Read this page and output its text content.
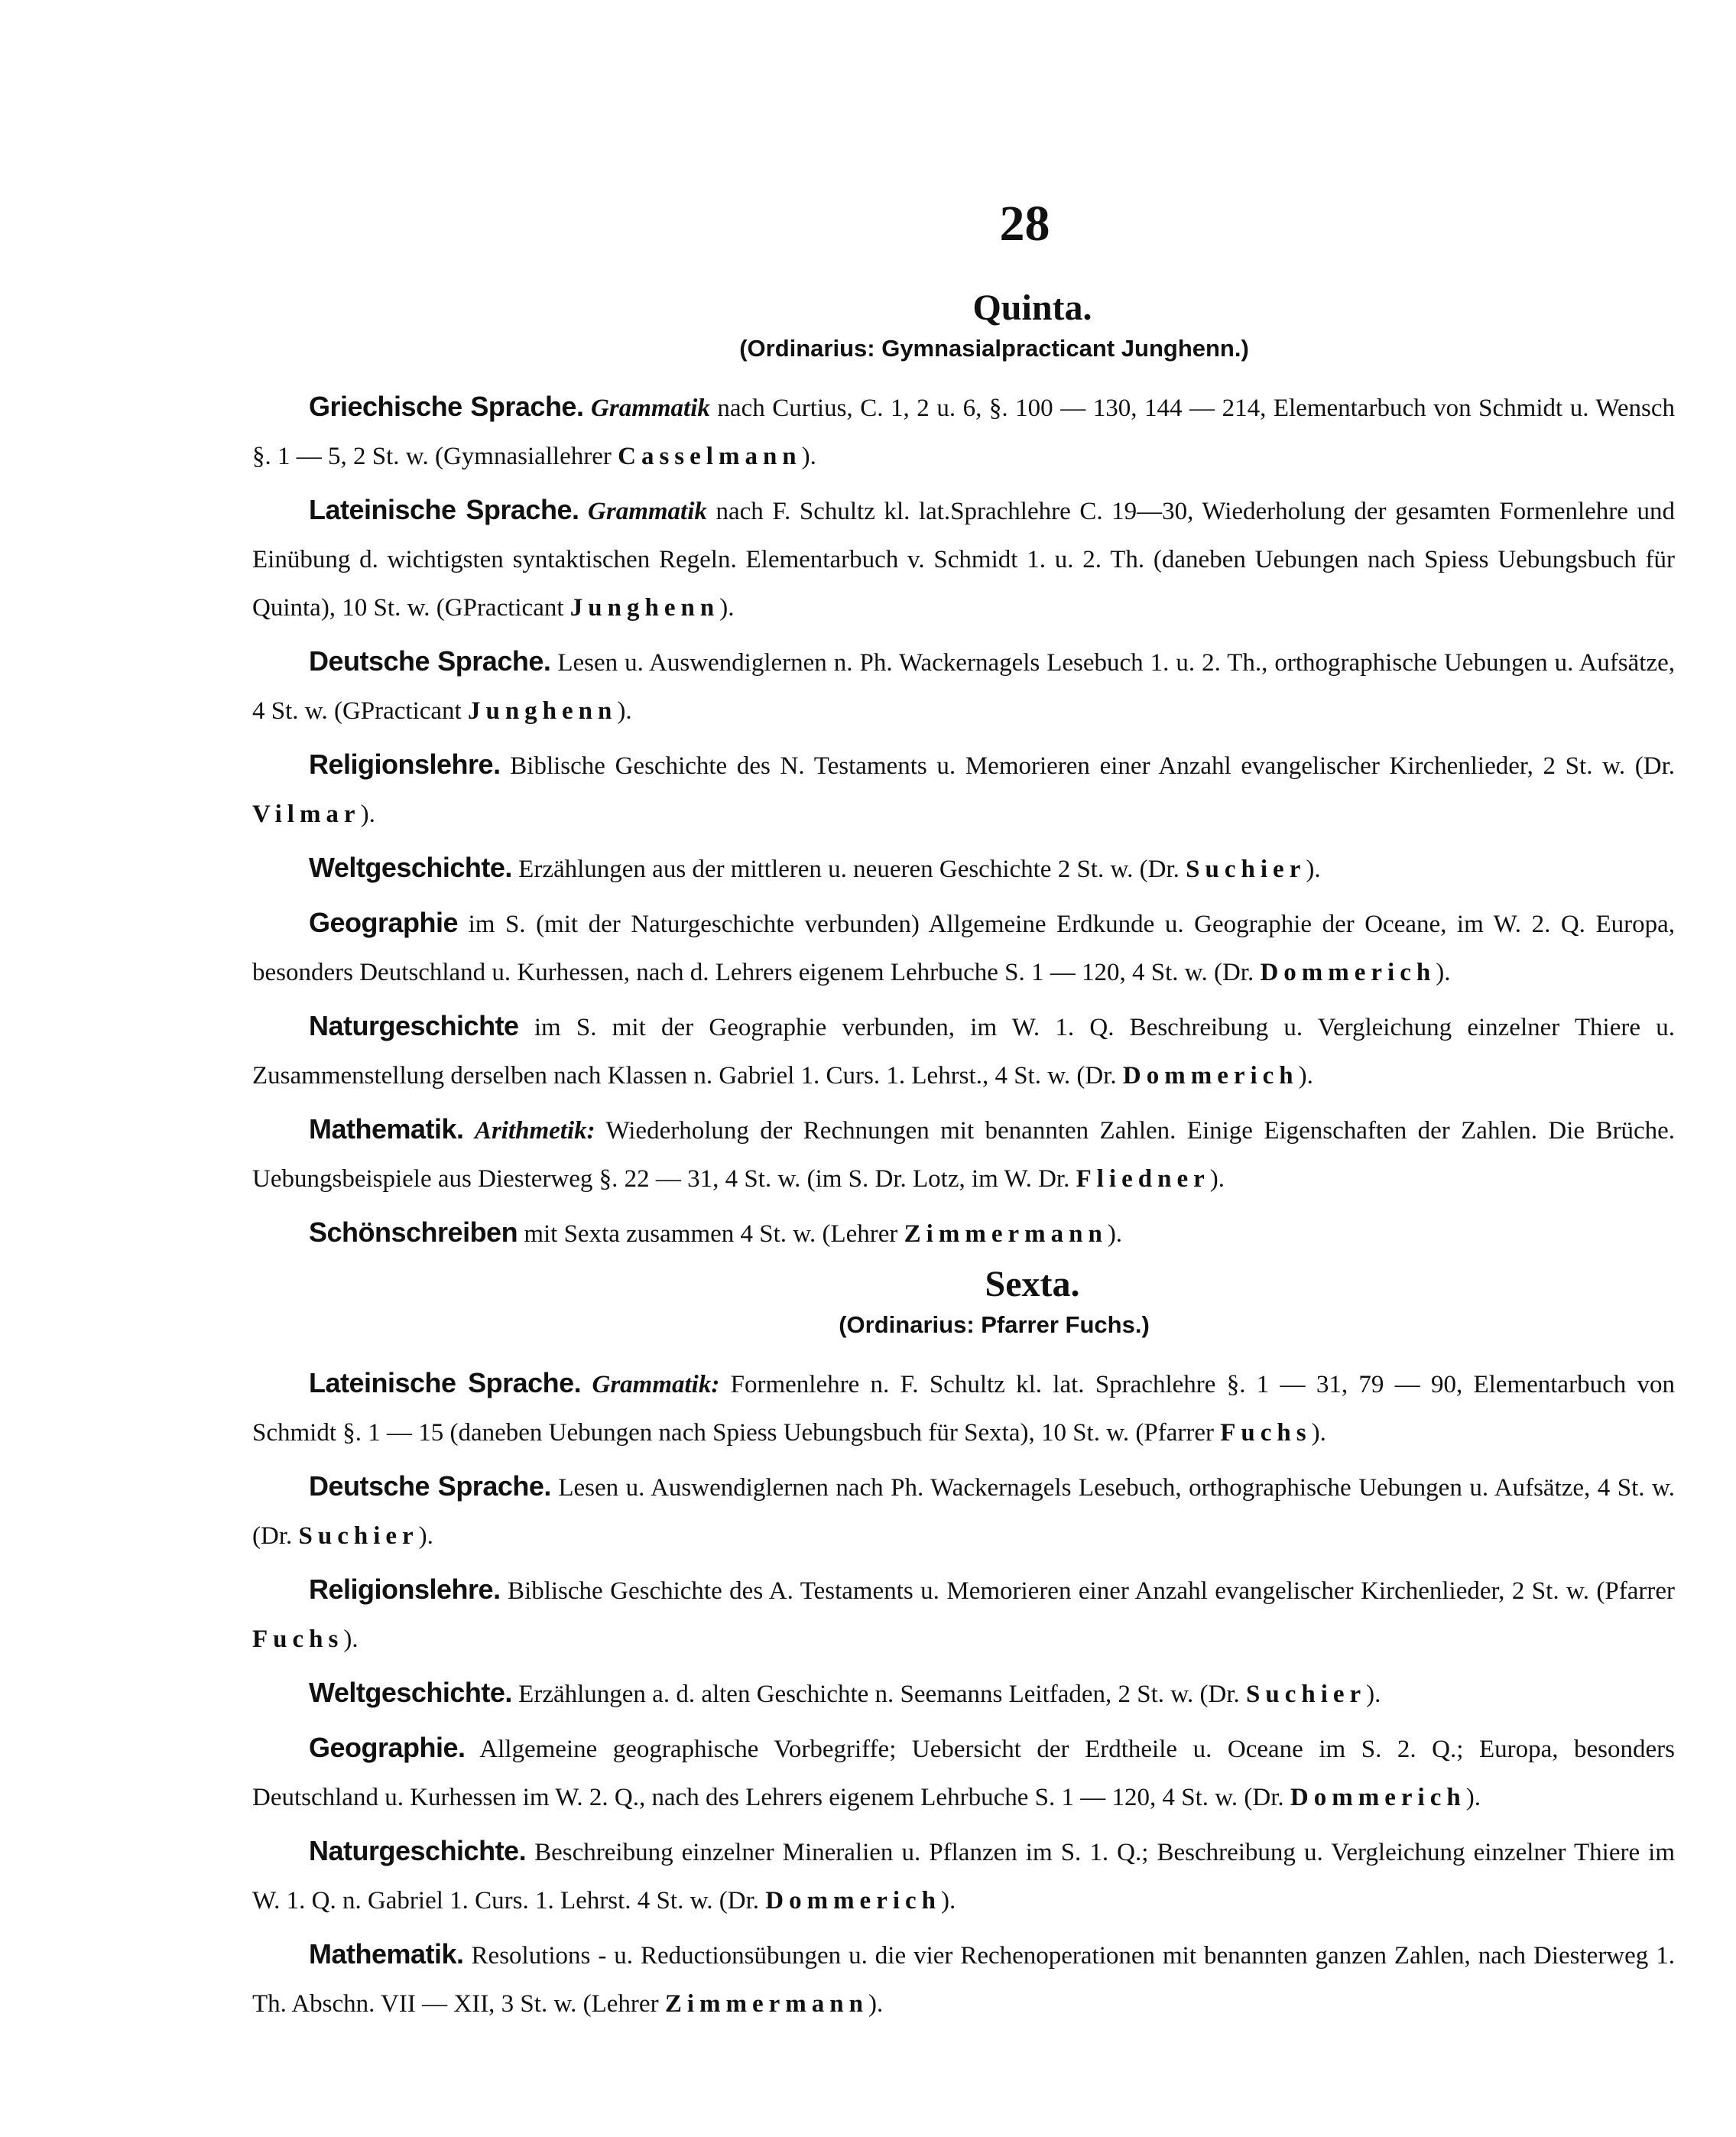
28
Quinta.
(Ordinarius: Gymnasialpracticant Junghenn.)

Griechische Sprache. Grammatik nach Curtius, C. 1, 2 u. 6, §. 100 — 130, 144 — 214, Elementarbuch von Schmidt u. Wensch §. 1 — 5, 2 St. w. (Gymnasiallehrer Casselmann).

Lateinische Sprache. Grammatik nach F. Schultz kl. lat.Sprachlehre C. 19—30, Wiederholung der gesamten Formenlehre und Einübung d. wichtigsten syntaktischen Regeln. Elementarbuch v. Schmidt 1. u. 2. Th. (daneben Uebungen nach Spiess Uebungsbuch für Quinta), 10 St. w. (GPracticant Junghenn).

Deutsche Sprache. Lesen u. Auswendiglernen n. Ph. Wackernagels Lesebuch 1. u. 2. Th., orthographische Uebungen u. Aufsätze, 4 St. w. (GPracticant Junghenn).

Religionslehre. Biblische Geschichte des N. Testaments u. Memorieren einer Anzahl evangelischer Kirchenlieder, 2 St. w. (Dr. Vilmar).

Weltgeschichte. Erzählungen aus der mittleren u. neueren Geschichte 2 St. w. (Dr. Suchier).

Geographie im S. (mit der Naturgeschichte verbunden) Allgemeine Erdkunde u. Geographie der Oceane, im W. 2. Q. Europa, besonders Deutschland u. Kurhessen, nach d. Lehrers eigenem Lehrbuche S. 1 — 120, 4 St. w. (Dr. Dommerich).

Naturgeschichte im S. mit der Geographie verbunden, im W. 1. Q. Beschreibung u. Vergleichung einzelner Thiere u. Zusammenstellung derselben nach Klassen n. Gabriel 1. Curs. 1. Lehrst., 4 St. w. (Dr. Dommerich).

Mathematik. Arithmetik: Wiederholung der Rechnungen mit benannten Zahlen. Einige Eigenschaften der Zahlen. Die Brüche. Uebungsbeispiele aus Diesterweg §. 22 — 31, 4 St. w. (im S. Dr. Lotz, im W. Dr. Fliedner).

Schönschreiben mit Sexta zusammen 4 St. w. (Lehrer Zimmermann).

Sexta.
(Ordinarius: Pfarrer Fuchs.)

Lateinische Sprache. Grammatik: Formenlehre n. F. Schultz kl. lat. Sprachlehre §. 1 — 31, 79 — 90, Elementarbuch von Schmidt §. 1 — 15 (daneben Uebungen nach Spiess Uebungsbuch für Sexta), 10 St. w. (Pfarrer Fuchs).

Deutsche Sprache. Lesen u. Auswendiglernen nach Ph. Wackernagels Lesebuch, orthographische Uebungen u. Aufsätze, 4 St. w. (Dr. Suchier).

Religionslehre. Biblische Geschichte des A. Testaments u. Memorieren einer Anzahl evangelischer Kirchenlieder, 2 St. w. (Pfarrer Fuchs).

Weltgeschichte. Erzählungen a. d. alten Geschichte n. Seemanns Leitfaden, 2 St. w. (Dr. Suchier).

Geographie. Allgemeine geographische Vorbegriffe; Uebersicht der Erdtheile u. Oceane im S. 2. Q.; Europa, besonders Deutschland u. Kurhessen im W. 2. Q., nach des Lehrers eigenem Lehrbuche S. 1 — 120, 4 St. w. (Dr. Dommerich).

Naturgeschichte. Beschreibung einzelner Mineralien u. Pflanzen im S. 1. Q.; Beschreibung u. Vergleichung einzelner Thiere im W. 1. Q. n. Gabriel 1. Curs. 1. Lehrst. 4 St. w. (Dr. Dommerich).

Mathematik. Resolutions - u. Reductionsübungen u. die vier Rechenoperationen mit benannten ganzen Zahlen, nach Diesterweg 1. Th. Abschn. VII — XII, 3 St. w. (Lehrer Zimmermann).
